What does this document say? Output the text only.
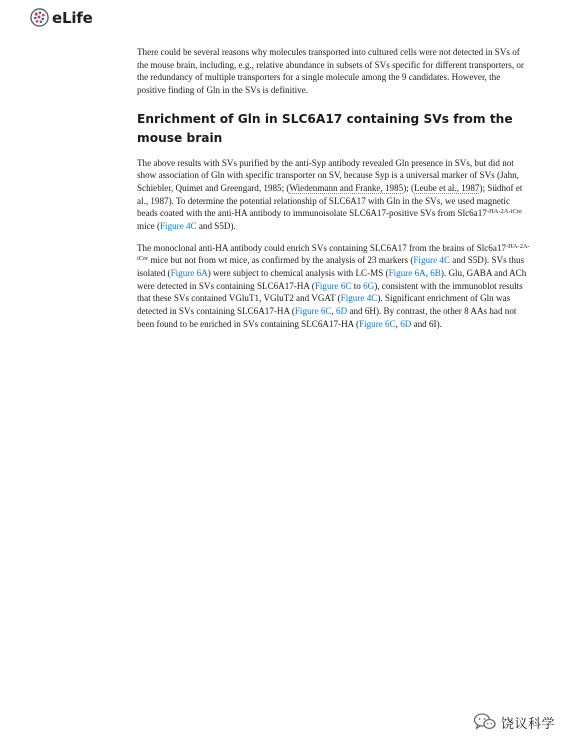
eLife

There could be several reasons why molecules transported into cultured cells were not detected in SVs of the mouse brain, including, e.g., relative abundance in subsets of SVs specific for different transporters, or the redundancy of multiple transporters for a single molecule among the 9 candidates. However, the positive finding of Gln in the SVs is definitive.

Enrichment of Gln in SLC6A17 containing SVs from the mouse brain

The above results with SVs purified by the anti-Syp antibody revealed Gln presence in SVs, but did not show association of Gln with specific transporter on SV, because Syp is a universal marker of SVs (Jahn, Schiebler, Quimet and Greengard, 1985; (Wiedenmann and Franke, 1985); (Leube et al., 1987); Südhof et al., 1987). To determine the potential relationship of SLC6A17 with Gln in the SVs, we used magnetic beads coated with the anti-HA antibody to immunoisolate SLC6A17-positive SVs from $Slc6a17^{-HA-2A-iCre}$ mice (Figure 4C and S5D).

The monoclonal anti-HA antibody could enrich SVs containing SLC6A17 from the brains of $Slc6a17^{-HA-2A-iCre}$ mice but not from wt mice, as confirmed by the analysis of 23 markers (Figure 4C and S5D). SVs thus isolated (Figure 6A) were subject to chemical analysis with LC-MS (Figure 6A, 6B). Glu, GABA and ACh were detected in SVs containing SLC6A17-HA (Figure 6C to 6G), consistent with the immunoblot results that these SVs contained VGluT1, VGluT2 and VGAT (Figure 4C). Significant enrichment of Gln was detected in SVs containing SLC6A17-HA (Figure 6C, 6D and 6H). By contrast, the other 8 AAs had not been found to be enriched in SVs containing SLC6A17-HA (Figure 6C, 6D and 6I).

饶议科学
